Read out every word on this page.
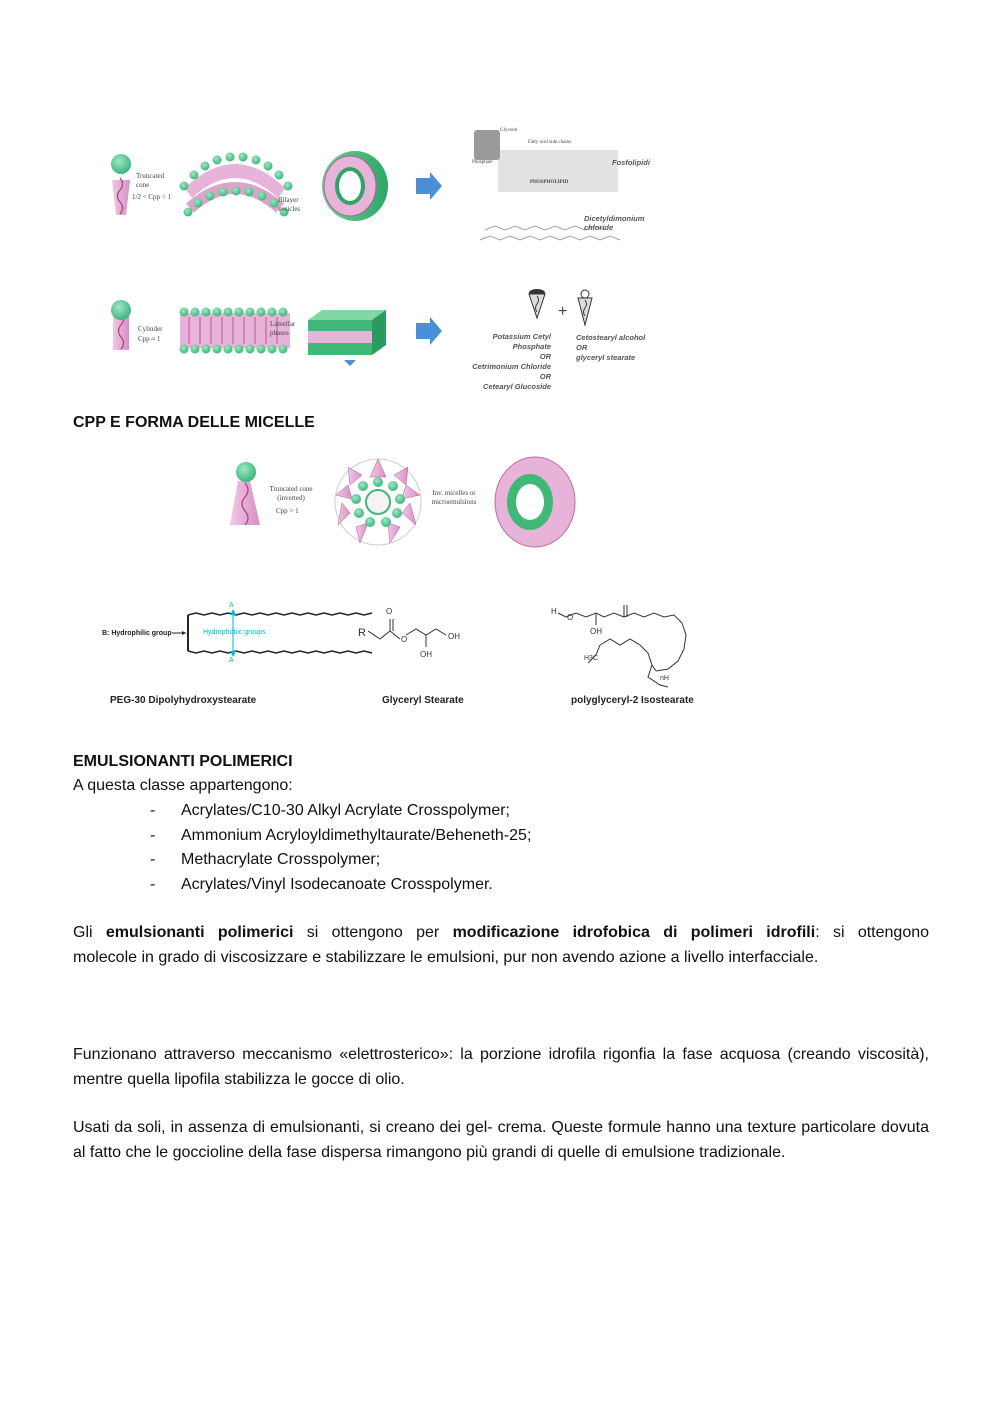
+
Truncated cone
1/2 < Cpp < 1	Bilayer vesicles
Glycerol
Fatty acid side chains
Phosphate
PHOSPHOLIPID
Fosfolipidi
Dicetyldimonium chloride
Cylinder
Cpp ≈ 1
Lamellar phases	Potassium Cetyl Phosphate
OR
Cetrimonium Chloride
OR
Cetearyl Glucoside
Cetostearyl alcohol
OR
glyceryl stearate
CPP E FORMA DELLE MICELLE
Truncated cone (inverted)
Cpp > 1
Inv. micelles or microemulsions
B: Hydrophilic group	Hydrophobic groups
A
A
PEG-30 Dipolyhydroxystearate
R
O
O	OH
OH
Glyceryl Stearate
H
O
OH
H3C
nH
polyglyceryl-2 Isostearate
EMULSIONANTI POLIMERICI
A questa classe appartengono:
- Acrylates/C10-30 Alkyl Acrylate Crosspolymer;
- Ammonium Acryloyldimethyltaurate/Beheneth-25;
- Methacrylate Crosspolymer;
- Acrylates/Vinyl Isodecanoate Crosspolymer.
Gli emulsionanti polimerici si ottengono per modificazione idrofobica di polimeri idrofili: si ottengono
molecole in grado di viscosizzare e stabilizzare le emulsioni, pur non avendo azione a livello interfacciale.
Funzionano attraverso meccanismo «elettrosterico»: la porzione idrofila rigonfia la fase acquosa (creando viscosità), mentre quella lipofila stabilizza le gocce di olio.
Usati da soli, in assenza di emulsionanti, si creano dei gel- crema. Queste formule hanno una texture particolare dovuta al fatto che le goccioline della fase dispersa rimangono più grandi di quelle di emulsione tradizionale.
